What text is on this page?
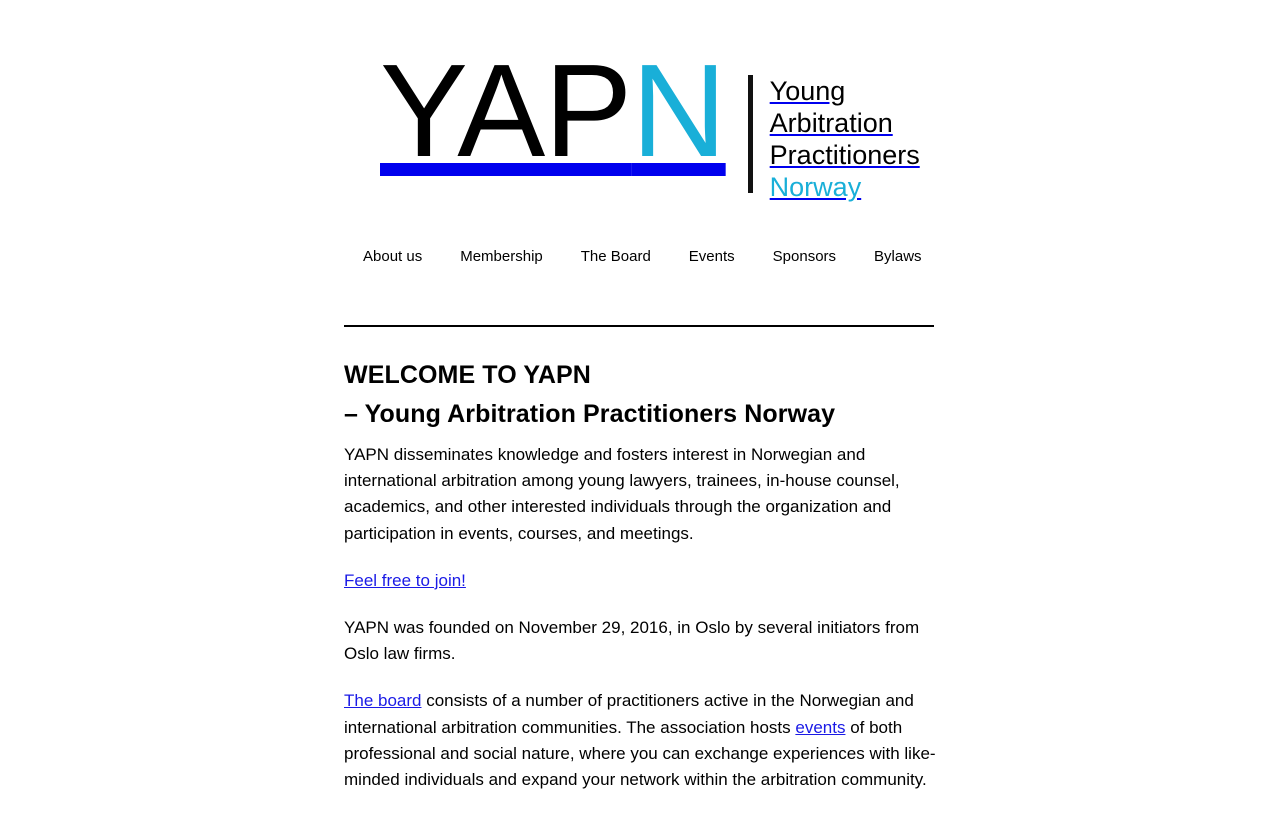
YAPN Young
Arbitration
Practitioners
Norway
About us	Membership	The Board	Events	Sponsors	Bylaws
WELCOME TO YAPN
– Young Arbitration Practitioners Norway

YAPN disseminates knowledge and fosters interest in Norwegian and international arbitration among young lawyers, trainees, in-house counsel, academics, and other interested individuals through the organization and participation in events, courses, and meetings.

Feel free to join!

YAPN was founded on November 29, 2016, in Oslo by several initiators from Oslo law firms.

The board consists of a number of practitioners active in the Norwegian and international arbitration communities. The association hosts events of both professional and social nature, where you can exchange experiences with like-minded individuals and expand your network within the arbitration community.
